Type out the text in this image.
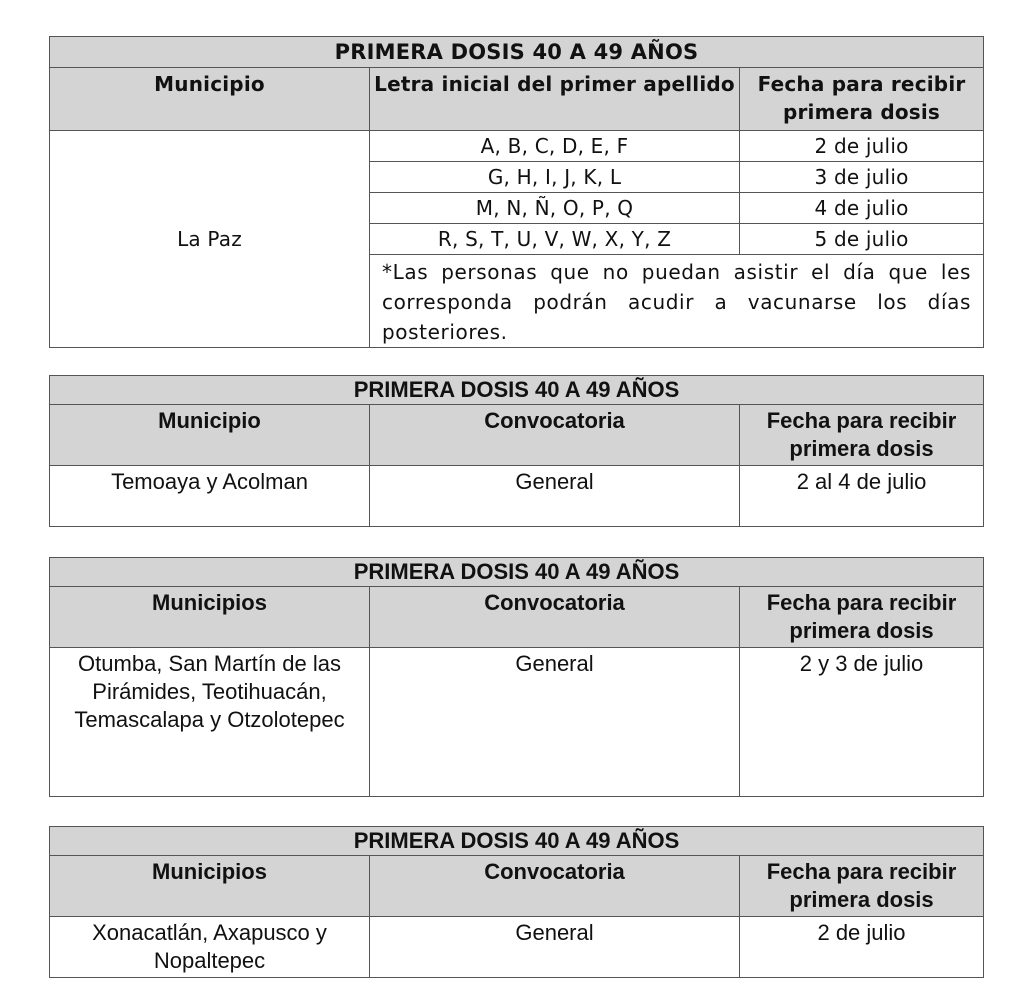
PRIMERA DOSIS 40 A 49 AÑOS		
Municipio	Letra inicial del primer apellido	Fecha para recibir primera dosis
La Paz	A, B, C, D, E, F	2 de julio
	G, H, I, J, K, L	3 de julio
	M, N, Ñ, O, P, Q	4 de julio
	R, S, T, U, V, W, X, Y, Z	5 de julio
	*Las personas que no puedan asistir el día que les corresponda podrán acudir a vacunarse los días posteriores.	
PRIMERA DOSIS 40 A 49 AÑOS		
Municipio	Convocatoria	Fecha para recibir primera dosis
Temoaya y Acolman	General	2 al 4 de julio
PRIMERA DOSIS 40 A 49 AÑOS		
Municipios	Convocatoria	Fecha para recibir primera dosis
Otumba, San Martín de las Pirámides, Teotihuacán, Temascalapa y Otzolotepec	General	2 y 3 de julio
PRIMERA DOSIS 40 A 49 AÑOS		
Municipios	Convocatoria	Fecha para recibir primera dosis
Xonacatlán, Axapusco y Nopaltepec	General	2 de julio
